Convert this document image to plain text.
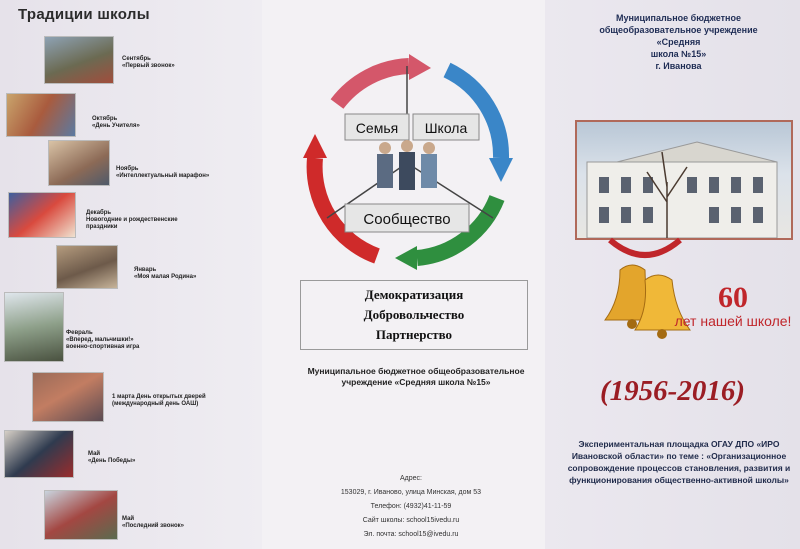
Традиции школы
Сентябрь
«Первый звонок»
Октябрь
«День Учителя»
Ноябрь
«Интеллектуальный марафон»
Декабрь
Новогодние и рождественские
праздники
Январь
«Моя малая Родина»
Февраль
«Вперед, мальчишки!»
военно-спортивная игра
1 марта День открытых дверей
(международный день ОАШ)
Май
«День Победы»
Май
«Последний звонок»
Семья Школа
Сообщество
Демократизация
Добровольчество
Партнерство
Муниципальное бюджетное общеобразовательное учреждение «Средняя школа №15»
Адрес:
153029, г. Иваново, улица Минская, дом 53
Телефон: (4932)41-11-59
Сайт школы: school15ivedu.ru
Эл. почта: school15@ivedu.ru
Муниципальное бюджетное
общеобразовательное учреждение
«Средняя
школа №15»
г. Иванова
60
лет нашей школе!
(1956-2016)
Экспериментальная площадка ОГАУ ДПО «ИРО Ивановской области» по теме : «Организационное сопровождение процессов становления, развития и функционирования общественно-активной школы»
